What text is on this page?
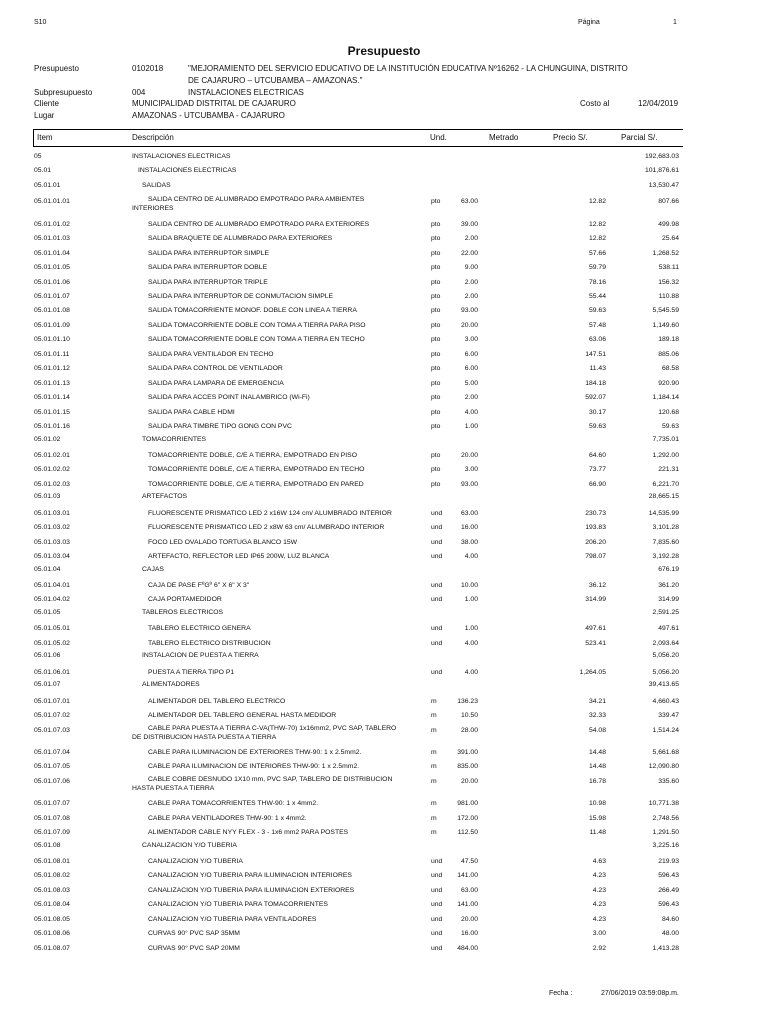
S10	Página	1
Presupuesto
Presupuesto	0102018	"MEJORAMIENTO DEL SERVICIO EDUCATIVO DE LA INSTITUCIÓN EDUCATIVA Nº16262 - LA CHUNGUINA, DISTRITO
DE CAJARURO – UTCUBAMBA – AMAZONAS."
Subpresupuesto	004	INSTALACIONES ELECTRICAS
Cliente	MUNICIPALIDAD DISTRITAL DE CAJARURO	Costo al	12/04/2019
Lugar	AMAZONAS - UTCUBAMBA - CAJARURO
Item	Descripción	Und.	Metrado	Precio S/.	Parcial S/.
05	INSTALACIONES ELECTRICAS	192,683.03
05.01	INSTALACIONES ELECTRICAS	101,876.61
05.01.01	SALIDAS	13,530.47
05.01.01.01	SALIDA CENTRO DE ALUMBRADO EMPOTRADO PARA AMBIENTES
INTERIORES
pto	63.00	12.82	807.66
05.01.01.02	SALIDA CENTRO DE ALUMBRADO EMPOTRADO PARA EXTERIORES	pto	39.00	12.82	499.98
05.01.01.03	SALIDA BRAQUETE DE ALUMBRADO PARA EXTERIORES	pto	2.00	12.82	25.64
05.01.01.04	SALIDA PARA INTERRUPTOR SIMPLE	pto	22.00	57.66	1,268.52
05.01.01.05	SALIDA PARA INTERRUPTOR DOBLE	pto	9.00	59.79	538.11
05.01.01.06	SALIDA PARA INTERRUPTOR TRIPLE	pto	2.00	78.16	156.32
05.01.01.07	SALIDA PARA INTERRUPTOR DE CONMUTACION SIMPLE	pto	2.00	55.44	110.88
05.01.01.08	SALIDA TOMACORRIENTE MONOF. DOBLE CON LINEA A TIERRA	pto	93.00	59.63	5,545.59
05.01.01.09	SALIDA TOMACORRIENTE DOBLE CON TOMA A TIERRA PARA PISO	pto	20.00	57.48	1,149.60
05.01.01.10	SALIDA TOMACORRIENTE DOBLE CON TOMA A TIERRA EN TECHO	pto	3.00	63.06	189.18
05.01.01.11	SALIDA PARA VENTILADOR EN TECHO	pto	6.00	147.51	885.06
05.01.01.12	SALIDA PARA CONTROL DE VENTILADOR	pto	6.00	11.43	68.58
05.01.01.13	SALIDA PARA LAMPARA DE EMERGENCIA	pto	5.00	184.18	920.90
05.01.01.14	SALIDA PARA ACCES POINT INALAMBRICO (Wi-Fi)	pto	2.00	592.07	1,184.14
05.01.01.15	SALIDA PARA CABLE HDMI	pto	4.00	30.17	120.68
05.01.01.16	SALIDA PARA TIMBRE TIPO GONG CON PVC	pto	1.00	59.63	59.63
05.01.02	TOMACORRIENTES	7,735.01
05.01.02.01	TOMACORRIENTE DOBLE, C/E A TIERRA, EMPOTRADO EN PISO	pto	20.00	64.60	1,292.00
05.01.02.02	TOMACORRIENTE DOBLE, C/E A TIERRA, EMPOTRADO EN TECHO	pto	3.00	73.77	221.31
05.01.02.03	TOMACORRIENTE DOBLE, C/E A TIERRA, EMPOTRADO EN PARED	pto	93.00	66.90	6,221.70
05.01.03	ARTEFACTOS	28,665.15
05.01.03.01	FLUORESCENTE PRISMATICO LED 2 x16W 124 cm/ ALUMBRADO INTERIOR	und	63.00	230.73	14,535.99
05.01.03.02	FLUORESCENTE PRISMATICO LED 2 x8W 63 cm/ ALUMBRADO INTERIOR	und	16.00	193.83	3,101.28
05.01.03.03	FOCO LED OVALADO TORTUGA BLANCO 15W	und	38.00	206.20	7,835.60
05.01.03.04	ARTEFACTO, REFLECTOR LED IP65 200W, LUZ BLANCA	und	4.00	798.07	3,192.28
05.01.04	CAJAS	676.19
05.01.04.01	CAJA DE PASE FºGº 6" X 6" X 3"	und	10.00	36.12	361.20
05.01.04.02	CAJA PORTAMEDIDOR	und	1.00	314.99	314.99
05.01.05	TABLEROS ELECTRICOS	2,591.25
05.01.05.01	TABLERO ELECTRICO GENERA	und	1.00	497.61	497.61
05.01.05.02	TABLERO ELECTRICO DISTRIBUCION	und	4.00	523.41	2,093.64
05.01.06	INSTALACION DE PUESTA A TIERRA	5,056.20
05.01.06.01	PUESTA A TIERRA TIPO P1	und	4.00	1,264.05	5,056.20
05.01.07	ALIMENTADORES	39,413.65
05.01.07.01	ALIMENTADOR DEL TABLERO ELECTRICO	m	136.23	34.21	4,660.43
05.01.07.02	ALIMENTADOR DEL TABLERO GENERAL HASTA MEDIDOR	m	10.50	32.33	339.47
05.01.07.03	CABLE PARA PUESTA A TIERRA C-VA(THW-70) 1x16mm2, PVC SAP, TABLERO
DE DISTRIBUCION HASTA PUESTA A TIERRA
m	28.00	54.08	1,514.24
05.01.07.04	CABLE PARA ILUMINACION DE EXTERIORES THW-90: 1 x 2.5mm2.	m	391.00	14.48	5,661.68
05.01.07.05	CABLE PARA ILUMINACION DE INTERIORES THW-90: 1 x 2.5mm2.	m	835.00	14.48	12,090.80
05.01.07.06	CABLE COBRE DESNUDO 1X10 mm, PVC SAP, TABLERO DE DISTRIBUCION
HASTA PUESTA A TIERRA
m	20.00	16.78	335.60
05.01.07.07	CABLE PARA TOMACORRIENTES THW-90: 1 x 4mm2.	m	981.00	10.98	10,771.38
05.01.07.08	CABLE PARA VENTILADORES THW-90: 1 x 4mm2.	m	172.00	15.98	2,748.56
05.01.07.09	ALIMENTADOR CABLE NYY FLEX - 3 - 1x6 mm2 PARA POSTES	m	112.50	11.48	1,291.50
05.01.08	CANALIZACION Y/O TUBERIA	3,225.16
05.01.08.01	CANALIZACION Y/O TUBERIA	und	47.50	4.63	219.93
05.01.08.02	CANALIZACION Y/O TUBERIA PARA ILUMINACION INTERIORES	und 141.00	4.23	596.43
05.01.08.03	CANALIZACION Y/O TUBERIA PARA ILUMINACION EXTERIORES	und	63.00	4.23	266.49
05.01.08.04	CANALIZACION Y/O TUBERIA PARA TOMACORRIENTES	und 141.00	4.23	596.43
05.01.08.05	CANALIZACION Y/O TUBERIA PARA VENTILADORES	und	20.00	4.23	84.60
05.01.08.06	CURVAS 90° PVC SAP 35MM	und	16.00	3.00	48.00
05.01.08.07	CURVAS 90° PVC SAP 20MM	und 484.00	2.92	1,413.28
Fecha :	27/06/2019 03:59:08p.m.
